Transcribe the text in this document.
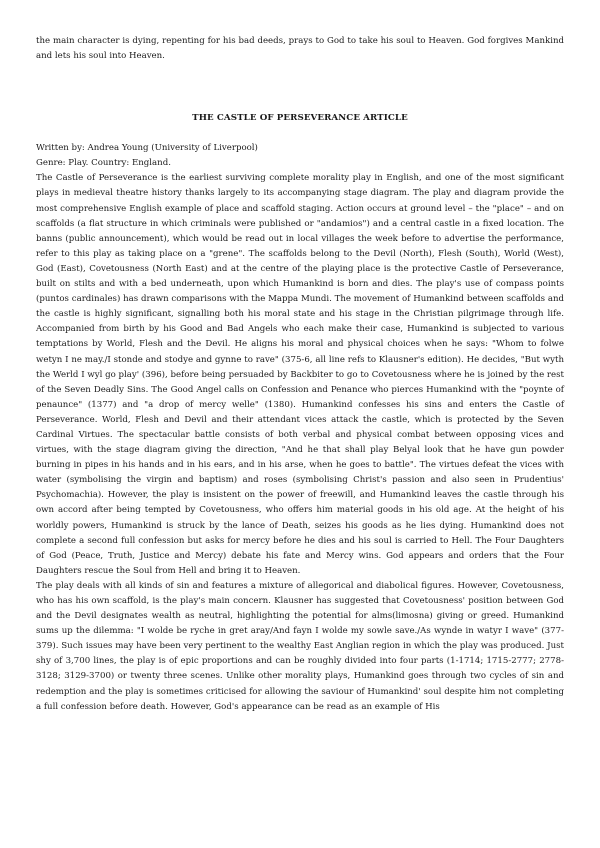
the main character is dying, repenting for his bad deeds, prays to God to take his soul to Heaven. God forgives Mankind and lets his soul into Heaven.

THE CASTLE OF PERSEVERANCE ARTICLE

Written by: Andrea Young (University of Liverpool)

Genre: Play. Country: England.

The Castle of Perseverance is the earliest surviving complete morality play in English, and one of the most significant plays in medieval theatre history thanks largely to its accompanying stage diagram. The play and diagram provide the most comprehensive English example of place and scaffold staging. Action occurs at ground level – the "place" – and on scaffolds (a flat structure in which criminals were published or "andamios") and a central castle in a fixed location. The banns (public announcement), which would be read out in local villages the week before to advertise the performance, refer to this play as taking place on a "grene". The scaffolds belong to the Devil (North), Flesh (South), World (West), God (East), Covetousness (North East) and at the centre of the playing place is the protective Castle of Perseverance, built on stilts and with a bed underneath, upon which Humankind is born and dies. The play's use of compass points (puntos cardinales) has drawn comparisons with the Mappa Mundi. The movement of Humankind between scaffolds and the castle is highly significant, signalling both his moral state and his stage in the Christian pilgrimage through life. Accompanied from birth by his Good and Bad Angels who each make their case, Humankind is subjected to various temptations by World, Flesh and the Devil. He aligns his moral and physical choices when he says: "Whom to folwe wetyn I ne may./I stonde and stodye and gynne to rave" (375-6, all line refs to Klausner's edition). He decides, "But wyth the Werld I wyl go play' (396), before being persuaded by Backbiter to go to Covetousness where he is joined by the rest of the Seven Deadly Sins. The Good Angel calls on Confession and Penance who pierces Humankind with the "poynte of penaunce" (1377) and "a drop of mercy welle" (1380). Humankind confesses his sins and enters the Castle of Perseverance. World, Flesh and Devil and their attendant vices attack the castle, which is protected by the Seven Cardinal Virtues. The spectacular battle consists of both verbal and physical combat between opposing vices and virtues, with the stage diagram giving the direction, "And he that shall play Belyal look that he have gun powder burning in pipes in his hands and in his ears, and in his arse, when he goes to battle". The virtues defeat the vices with water (symbolising the virgin and baptism) and roses (symbolising Christ's passion and also seen in Prudentius' Psychomachia). However, the play is insistent on the power of freewill, and Humankind leaves the castle through his own accord after being tempted by Covetousness, who offers him material goods in his old age. At the height of his worldly powers, Humankind is struck by the lance of Death, seizes his goods as he lies dying. Humankind does not complete a second full confession but asks for mercy before he dies and his soul is carried to Hell. The Four Daughters of God (Peace, Truth, Justice and Mercy) debate his fate and Mercy wins. God appears and orders that the Four Daughters rescue the Soul from Hell and bring it to Heaven.

The play deals with all kinds of sin and features a mixture of allegorical and diabolical figures. However, Covetousness, who has his own scaffold, is the play's main concern. Klausner has suggested that Covetousness' position between God and the Devil designates wealth as neutral, highlighting the potential for alms(limosna) giving or greed. Humankind sums up the dilemma: "I wolde be ryche in gret aray/And fayn I wolde my sowle save./As wynde in watyr I wave" (377-379). Such issues may have been very pertinent to the wealthy East Anglian region in which the play was produced. Just shy of 3,700 lines, the play is of epic proportions and can be roughly divided into four parts (1-1714; 1715-2777; 2778-3128; 3129-3700) or twenty three scenes. Unlike other morality plays, Humankind goes through two cycles of sin and redemption and the play is sometimes criticised for allowing the saviour of Humankind' soul despite him not completing a full confession before death. However, God's appearance can be read as an example of His
